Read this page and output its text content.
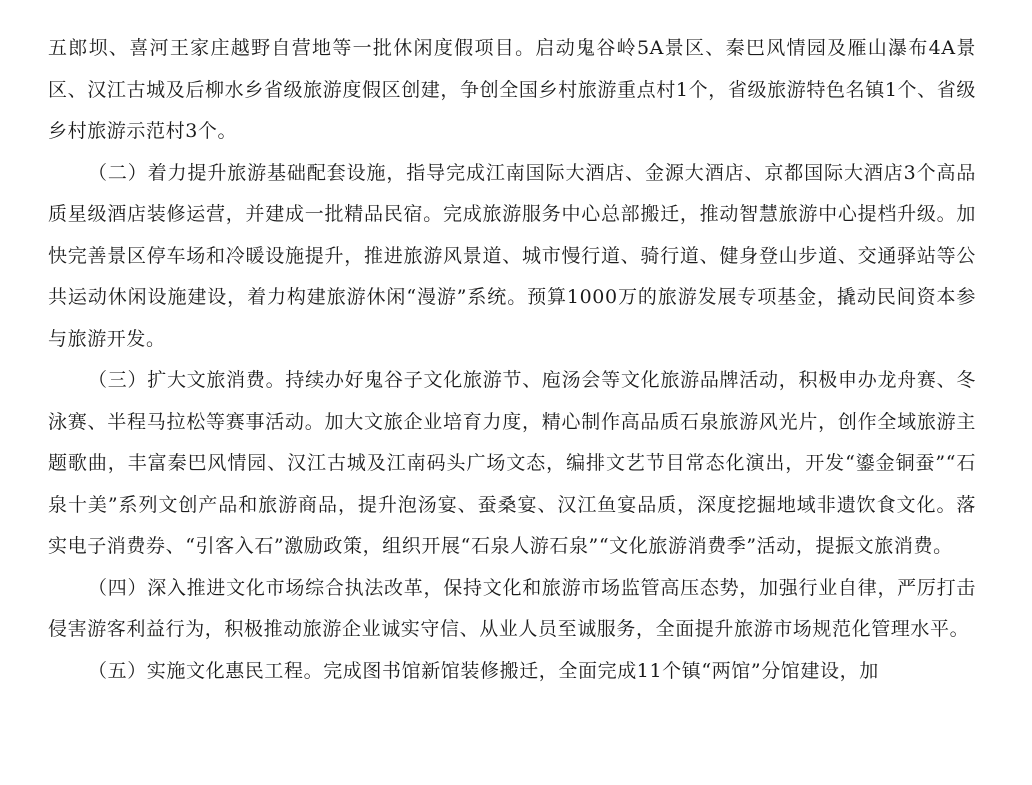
五郎坝、喜河王家庄越野自营地等一批休闲度假项目。启动鬼谷岭5A景区、秦巴风情园及雁山瀑布4A景区、汉江古城及后柳水乡省级旅游度假区创建，争创全国乡村旅游重点村1个，省级旅游特色名镇1个、省级乡村旅游示范村3个。

（二）着力提升旅游基础配套设施，指导完成江南国际大酒店、金源大酒店、京都国际大酒店3个高品质星级酒店装修运营，并建成一批精品民宿。完成旅游服务中心总部搬迁，推动智慧旅游中心提档升级。加快完善景区停车场和冷暖设施提升，推进旅游风景道、城市慢行道、骑行道、健身登山步道、交通驿站等公共运动休闲设施建设，着力构建旅游休闲“漫游”系统。预算1000万的旅游发展专项基金，撬动民间资本参与旅游开发。

（三）扩大文旅消费。持续办好鬼谷子文化旅游节、庖汤会等文化旅游品牌活动，积极申办龙舟赛、冬泳赛、半程马拉松等赛事活动。加大文旅企业培育力度，精心制作高品质石泉旅游风光片，创作全域旅游主题歌曲，丰富秦巴风情园、汉江古城及江南码头广场文态，编排文艺节目常态化演出，开发“鎏金铜蚕”“石泉十美”系列文创产品和旅游商品，提升泡汤宴、蚕桑宴、汉江鱼宴品质，深度挖掘地域非遗饮食文化。落实电子消费券、“引客入石”激励政策，组织开展“石泉人游石泉”“文化旅游消费季”活动，提振文旅消费。

（四）深入推进文化市场综合执法改革，保持文化和旅游市场监管高压态势，加强行业自律，严厉打击侵害游客利益行为，积极推动旅游企业诚实守信、从业人员至诚服务，全面提升旅游市场规范化管理水平。

（五）实施文化惠民工程。完成图书馆新馆装修搬迁，全面完成11个镇“两馆”分馆建设，加
